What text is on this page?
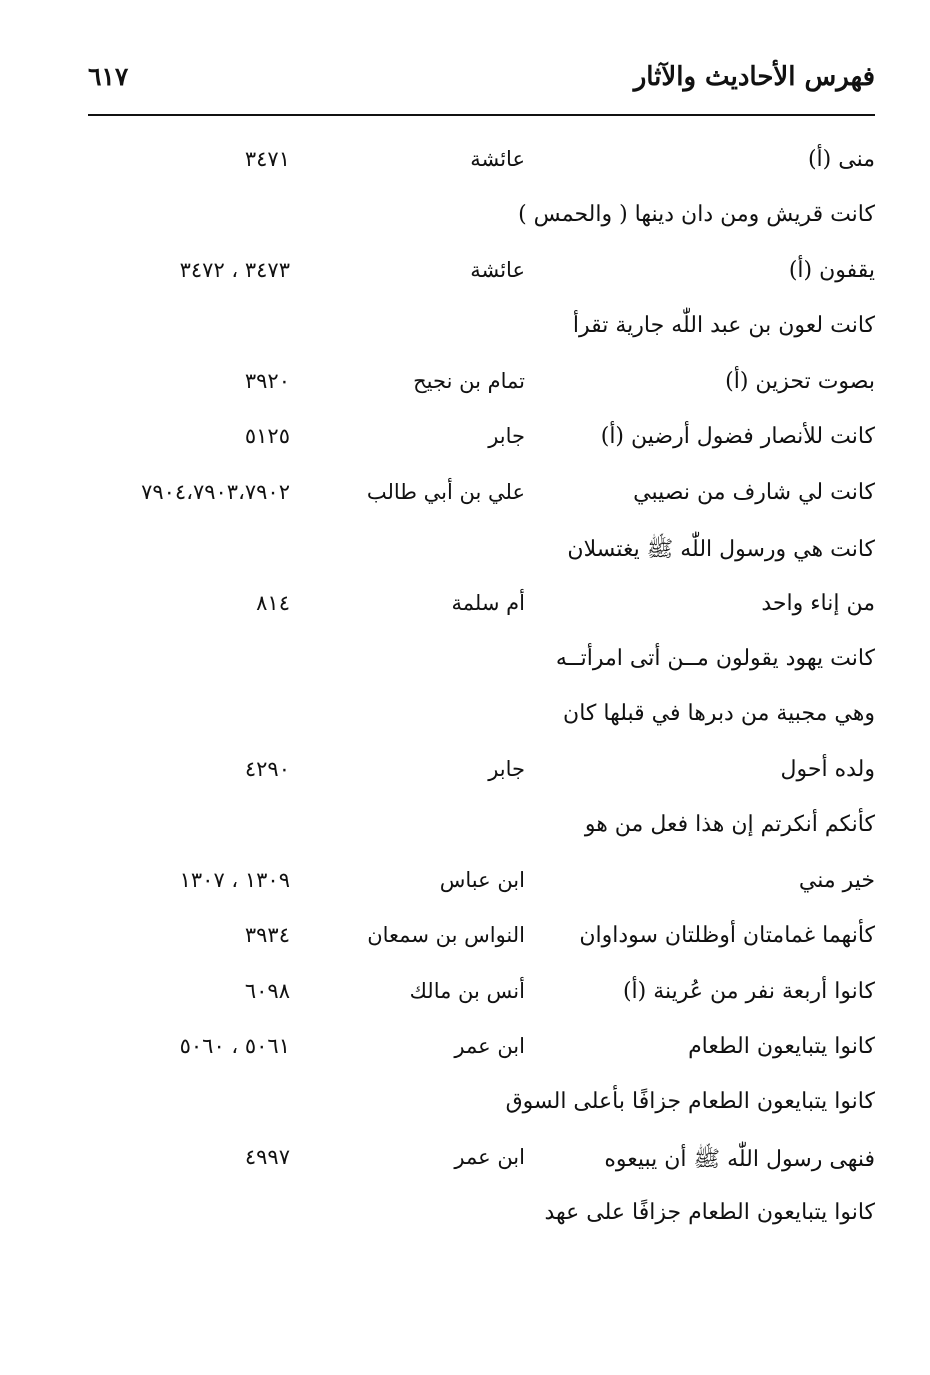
فهرس الأحاديث والآثار
٦١٧
منى (أ)
عائشة
٣٤٧١
كانت قريش ومن دان دينها ( والحمس )
يقفون (أ)
عائشة
٣٤٧٣ ، ٣٤٧٢
كانت لعون بن عبد اللّٰه جارية تقرأ
بصوت تحزين (أ)
تمام بن نجيح
٣٩٢٠
كانت للأنصار فضول أرضين (أ)
جابر
٥١٢٥
كانت لي شارف من نصيبي
علي بن أبي طالب
٧٩٠٤،٧٩٠٣،٧٩٠٢
كانت هي ورسول اللّٰه ﷺ يغتسلان
من إناء واحد
أم سلمة
٨١٤
كانت يهود يقولون مــن أتى امرأتــه
وهي مجبية من دبرها في قبلها كان
ولده أحول
جابر
٤٢٩٠
كأنكم أنكرتم إن هذا فعل من هو
خير مني
ابن عباس
١٣٠٩ ، ١٣٠٧
كأنهما غمامتان أوظلتان سوداوان
النواس بن سمعان
٣٩٣٤
كانوا أربعة نفر من عُرينة (أ)
أنس بن مالك
٦٠٩٨
كانوا يتبايعون الطعام
ابن عمر
٥٠٦١ ، ٥٠٦٠
كانوا يتبايعون الطعام جزافًا بأعلى السوق
فنهى رسول اللّٰه ﷺ أن يبيعوه
ابن عمر
٤٩٩٧
كانوا يتبايعون الطعام جزافًا على عهد
